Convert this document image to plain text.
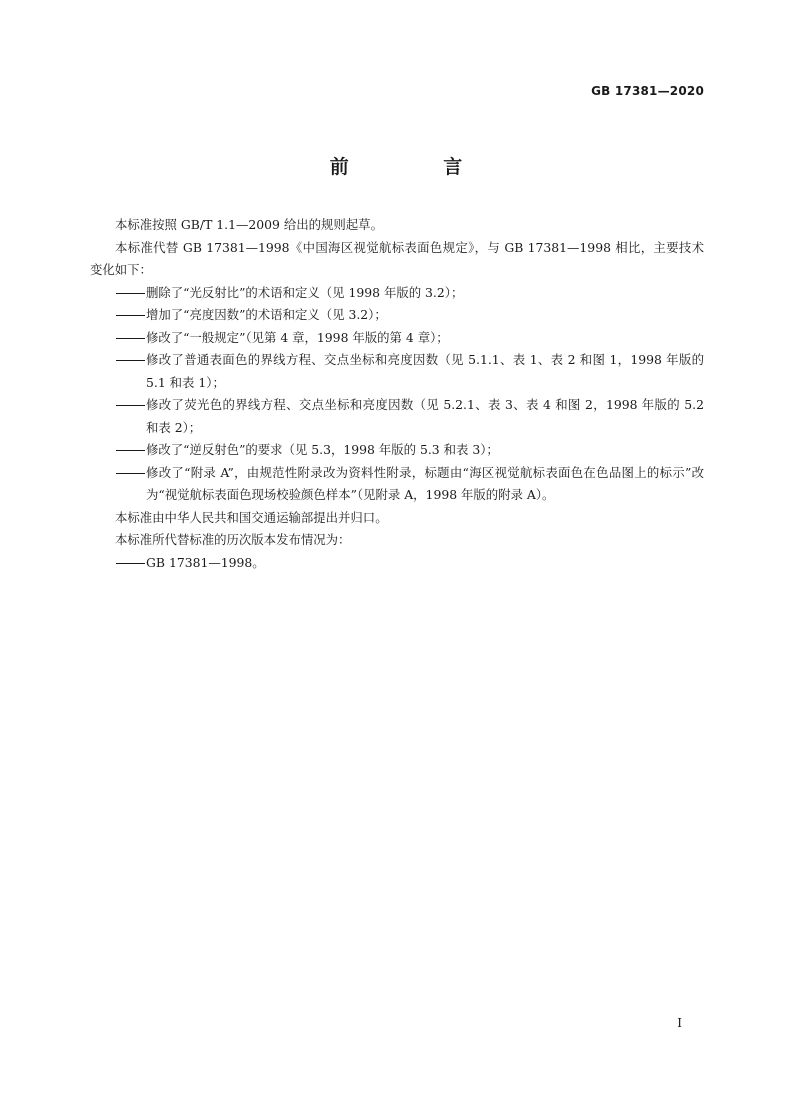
GB 17381—2020
前 言

本标准按照 GB/T 1.1—2009 给出的规则起草。

本标准代替 GB 17381—1998《中国海区视觉航标表面色规定》，与 GB 17381—1998 相比，主要技术变化如下：

删除了“光反射比”的术语和定义（见 1998 年版的 3.2）；
增加了“亮度因数”的术语和定义（见 3.2）；
修改了“一般规定”（见第 4 章，1998 年版的第 4 章）；
修改了普通表面色的界线方程、交点坐标和亮度因数（见 5.1.1、表 1、表 2 和图 1，1998 年版的 5.1 和表 1）；
修改了荧光色的界线方程、交点坐标和亮度因数（见 5.2.1、表 3、表 4 和图 2，1998 年版的 5.2 和表 2）；
修改了“逆反射色”的要求（见 5.3，1998 年版的 5.3 和表 3）；
修改了“附录 A”，由规范性附录改为资料性附录，标题由“海区视觉航标表面色在色品图上的标示”改为“视觉航标表面色现场校验颜色样本”（见附录 A，1998 年版的附录 A）。

本标准由中华人民共和国交通运输部提出并归口。

本标准所代替标准的历次版本发布情况为：

GB 17381—1998。
I
